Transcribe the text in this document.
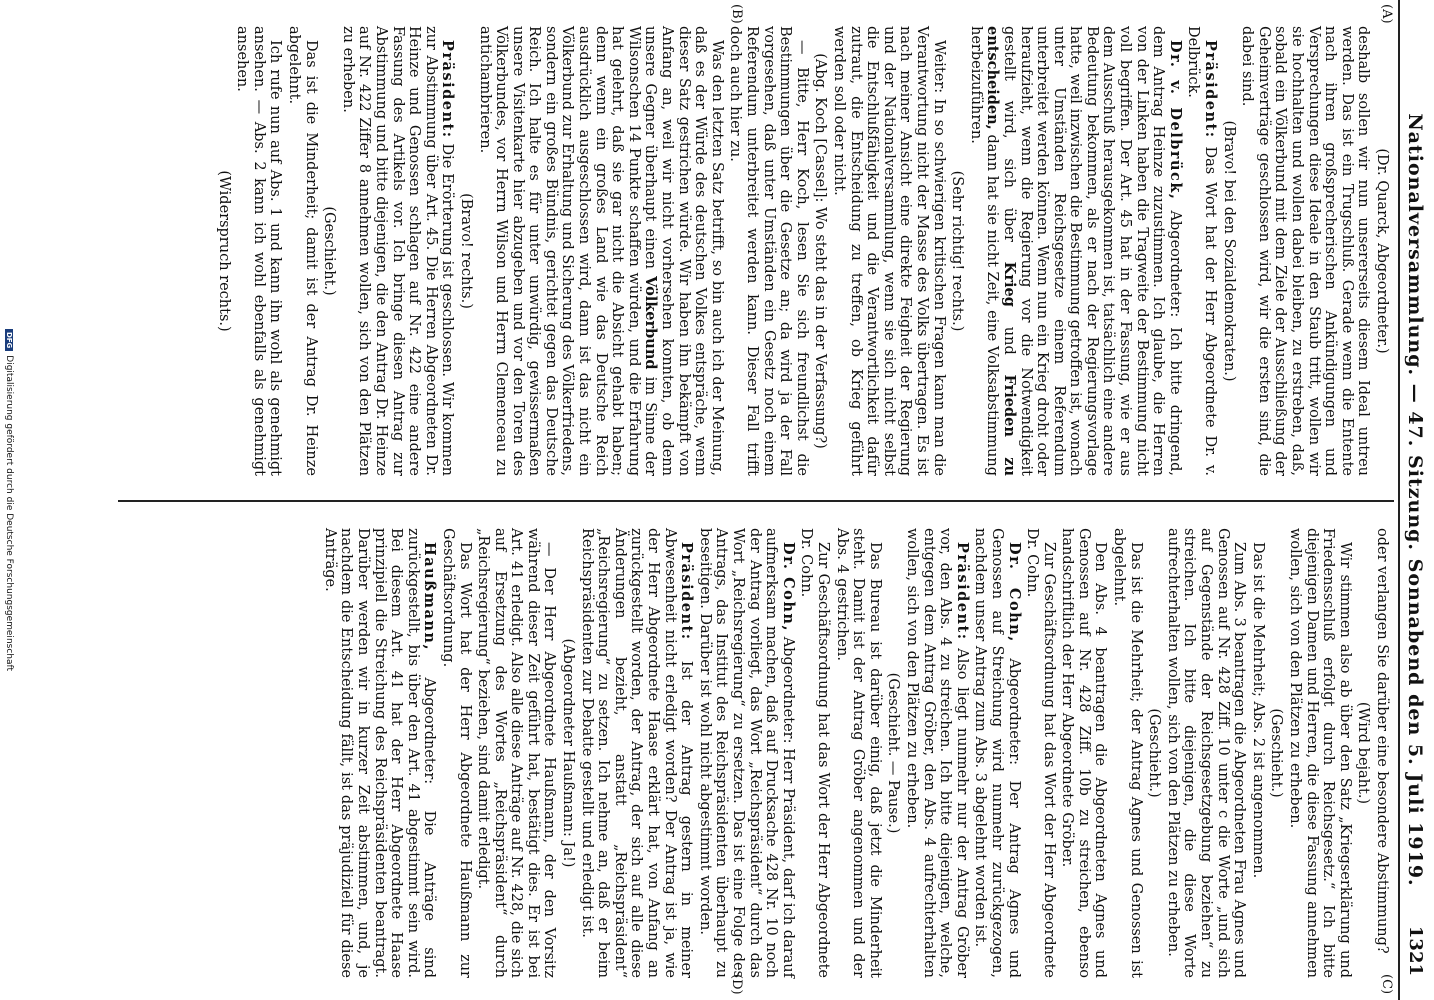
Nationalversammlung. — 47. Sitzung. Sonnabend den 5. Juli 1919.
1321
(A)
(B)
(C)
(D)

(Dr. Quarck, Abgeordneter.)

deshalb sollen wir nun unsererseits diesem Ideal untreu werden. Das ist ein Trugschluß. Gerade wenn die Entente nach ihren großsprecherischen Ankündigungen und Versprechungen diese Ideale in den Staub tritt, wollen wir sie hochhalten und wollen dabei bleiben, zu erstreben, daß, sobald ein Völkerbund mit dem Ziele der Ausschließung der Geheimverträge geschlossen wird, wir die ersten sind, die dabei sind.

(Bravo! bei den Sozialdemokraten.)

Präsident: Das Wort hat der Herr Abgeordnete Dr. v. Delbrück.

Dr. v. Delbrück, Abgeordneter: Ich bitte dringend, dem Antrag Heinze zuzustimmen. Ich glaube, die Herren von der Linken haben die Tragweite der Bestimmung nicht voll begriffen. Der Art. 45 hat in der Fassung, wie er aus dem Ausschuß herausgekommen ist, tatsächlich eine andere Bedeutung bekommen, als er nach der Regierungsvorlage hatte, weil inzwischen die Bestimmung getroffen ist, wonach unter Umständen Reichsgesetze einem Referendum unterbreitet werden können. Wenn nun ein Krieg droht oder heraufzieht, wenn die Regierung vor die Notwendigkeit gestellt wird, sich über Krieg und Frieden zu entscheiden, dann hat sie nicht Zeit, eine Volksabstimmung herbeizuführen.

(Sehr richtig! rechts.)

Weiter: In so schwierigen kritischen Fragen kann man die Verantwortung nicht der Masse des Volks übertragen. Es ist nach meiner Ansicht eine direkte Feigheit der Regierung und der Nationalversammlung, wenn sie sich nicht selbst die Entschlußfähigkeit und die Verantwortlichkeit dafür zutraut, die Entscheidung zu treffen, ob Krieg geführt werden soll oder nicht.

(Abg. Koch [Cassel]: Wo steht das in der Verfassung?)

— Bitte, Herr Koch, lesen Sie sich freundlichst die Bestimmungen über die Gesetze an; da wird ja der Fall vorgesehen, daß unter Umständen ein Gesetz noch einem Referendum unterbreitet werden kann. Dieser Fall trifft doch auch hier zu.

Was den letzten Satz betrifft, so bin auch ich der Meinung, daß es der Würde des deutschen Volkes entspräche, wenn dieser Satz gestrichen würde. Wir haben ihn bekämpft von Anfang an, weil wir nicht vorhersehen konnten, ob denn unsere Gegner überhaupt einen Völkerbund im Sinne der Wilsonschen 14 Punkte schaffen würden, und die Erfahrung hat gelehrt, daß sie gar nicht die Absicht gehabt haben; denn wenn ein großes Land wie das Deutsche Reich ausdrücklich ausgeschlossen wird, dann ist das nicht ein Völkerbund zur Erhaltung und Sicherung des Völkerfriedens, sondern ein großes Bündnis, gerichtet gegen das Deutsche Reich. Ich halte es für unter unwürdig, gewissermaßen unsere Visitenkarte hier abzugeben und vor den Toren des Völkerbundes, vor Herrn Wilson und Herrn Clemenceau zu antichambrieren.

(Bravo! rechts.)

Präsident: Die Erörterung ist geschlossen. Wir kommen zur Abstimmung über Art. 45. Die Herren Abgeordneten Dr. Heinze und Genossen schlagen auf Nr. 422 eine andere Fassung des Artikels vor. Ich bringe diesen Antrag zur Abstimmung und bitte diejenigen, die den Antrag Dr. Heinze auf Nr. 422 Ziffer 8 annehmen wollen, sich von den Plätzen zu erheben.

(Geschieht.)

Das ist die Minderheit; damit ist der Antrag Dr. Heinze abgelehnt.

Ich rufe nun auf Abs. 1 und kann ihn wohl als genehmigt ansehen. — Abs. 2 kann ich wohl ebenfalls als genehmigt ansehen.

(Widerspruch rechts.)

oder verlangen Sie darüber eine besondere Abstimmung?

(Wird bejaht.)

Wir stimmen also ab über den Satz „Kriegserklärung und Friedensschluß erfolgt durch Reichsgesetz.“ Ich bitte diejenigen Damen und Herren, die diese Fassung annehmen wollen, sich von den Plätzen zu erheben.

(Geschieht.)

Das ist die Mehrheit; Abs. 2 ist angenommen.

Zum Abs. 3 beantragen die Abgeordneten Frau Agnes und Genossen auf Nr. 428 Ziff. 10 unter c die Worte „und sich auf Gegenstände der Reichsgesetzgebung beziehen“ zu streichen. Ich bitte diejenigen, die diese Worte aufrechterhalten wollen, sich von den Plätzen zu erheben.

(Geschieht.)

Das ist die Mehrheit; der Antrag Agnes und Genossen ist abgelehnt.

Den Abs. 4 beantragen die Abgeordneten Agnes und Genossen auf Nr. 428 Ziff. 10b zu streichen, ebenso handschriftlich der Herr Abgeordnete Gröber.

Zur Geschäftsordnung hat das Wort der Herr Abgeordnete Dr. Cohn.

Dr. Cohn, Abgeordneter: Der Antrag Agnes und Genossen auf Streichung wird nunmehr zurückgezogen, nachdem unser Antrag zum Abs. 3 abgelehnt worden ist.

Präsident: Also liegt nunmehr nur der Antrag Gröber vor, den Abs. 4 zu streichen. Ich bitte diejenigen, welche, entgegen dem Antrag Gröber, den Abs. 4 aufrechterhalten wollen, sich von den Plätzen zu erheben.

(Geschieht. — Pause.)

Das Bureau ist darüber einig, daß jetzt die Minderheit steht. Damit ist der Antrag Gröber angenommen und der Abs. 4 gestrichen.

Zur Geschäftsordnung hat das Wort der Herr Abgeordnete Dr. Cohn.

Dr. Cohn, Abgeordneter: Herr Präsident, darf ich darauf aufmerksam machen, daß auf Drucksache 428 Nr. 10 noch der Antrag vorliegt, das Wort „Reichspräsident“ durch das Wort „Reichsregierung“ zu ersetzen. Das ist eine Folge des Antrags, das Institut des Reichspräsidenten überhaupt zu beseitigen. Darüber ist wohl nicht abgestimmt worden.

Präsident: Ist der Antrag gestern in meiner Abwesenheit nicht erledigt worden? Der Antrag ist ja, wie der Herr Abgeordnete Haase erklärt hat, von Anfang an zurückgestellt worden, der Antrag, der sich auf alle diese Änderungen bezieht, anstatt „Reichspräsident“ „Reichsregierung“ zu setzen. Ich nehme an, daß er beim Reichspräsidenten zur Debatte gestellt und erledigt ist.

(Abgeordneter Haußmann: Ja!)

— Der Herr Abgeordnete Haußmann, der den Vorsitz während dieser Zeit geführt hat, bestätigt dies. Er ist bei Art. 41 erledigt. Also alle diese Anträge auf Nr. 428, die sich auf Ersetzung des Wortes „Reichspräsident“ durch „Reichsregierung“ beziehen, sind damit erledigt.

Das Wort hat der Herr Abgeordnete Haußmann zur Geschäftsordnung.

Haußmann, Abgeordneter: Die Anträge sind zurückgestellt, bis über den Art. 41 abgestimmt sein wird. Bei diesem Art. 41 hat der Herr Abgeordnete Haase prinzipiell die Streichung des Reichspräsidenten beantragt. Darüber werden wir in kurzer Zeit abstimmen, und, je nachdem die Entscheidung fällt, ist das präjudiziell für diese Anträge.

DFGDigitalisierung gefördert durch die Deutsche Forschungsgemeinschaft
